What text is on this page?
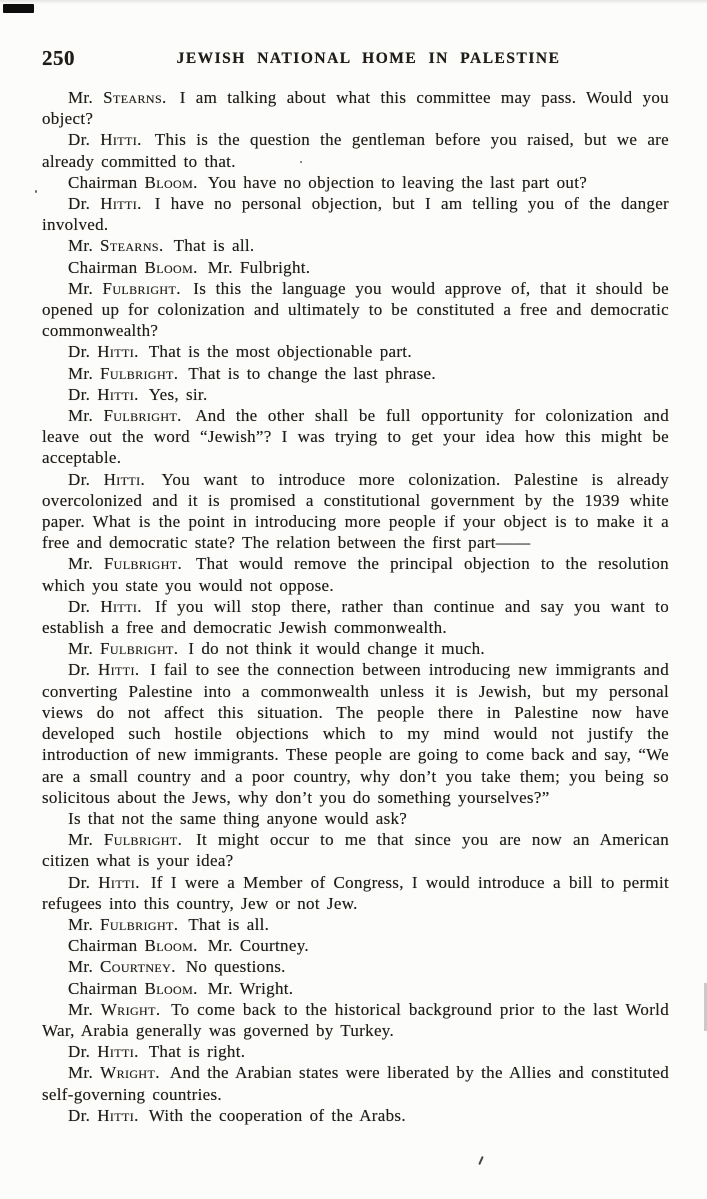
250	JEWISH NATIONAL HOME IN PALESTINE

Mr. Stearns. I am talking about what this committee may pass. Would you object?

Dr. Hitti. This is the question the gentleman before you raised, but we are already committed to that.

Chairman Bloom. You have no objection to leaving the last part out?

Dr. Hitti. I have no personal objection, but I am telling you of the danger involved.

Mr. Stearns. That is all.

Chairman Bloom. Mr. Fulbright.

Mr. Fulbright. Is this the language you would approve of, that it should be opened up for colonization and ultimately to be constituted a free and democratic commonwealth?

Dr. Hitti. That is the most objectionable part.

Mr. Fulbright. That is to change the last phrase.

Dr. Hitti. Yes, sir.

Mr. Fulbright. And the other shall be full opportunity for colonization and leave out the word “Jewish”? I was trying to get your idea how this might be acceptable.

Dr. Hitti. You want to introduce more colonization. Palestine is already overcolonized and it is promised a constitutional government by the 1939 white paper. What is the point in introducing more people if your object is to make it a free and democratic state? The relation between the first part——

Mr. Fulbright. That would remove the principal objection to the resolution which you state you would not oppose.

Dr. Hitti. If you will stop there, rather than continue and say you want to establish a free and democratic Jewish commonwealth.

Mr. Fulbright. I do not think it would change it much.

Dr. Hitti. I fail to see the connection between introducing new immigrants and converting Palestine into a commonwealth unless it is Jewish, but my personal views do not affect this situation. The people there in Palestine now have developed such hostile objections which to my mind would not justify the introduction of new immigrants. These people are going to come back and say, “We are a small country and a poor country, why don’t you take them; you being so solicitous about the Jews, why don’t you do something yourselves?”

Is that not the same thing anyone would ask?

Mr. Fulbright. It might occur to me that since you are now an American citizen what is your idea?

Dr. Hitti. If I were a Member of Congress, I would introduce a bill to permit refugees into this country, Jew or not Jew.

Mr. Fulbright. That is all.

Chairman Bloom. Mr. Courtney.

Mr. Courtney. No questions.

Chairman Bloom. Mr. Wright.

Mr. Wright. To come back to the historical background prior to the last World War, Arabia generally was governed by Turkey.

Dr. Hitti. That is right.

Mr. Wright. And the Arabian states were liberated by the Allies and constituted self-governing countries.

Dr. Hitti. With the cooperation of the Arabs.
